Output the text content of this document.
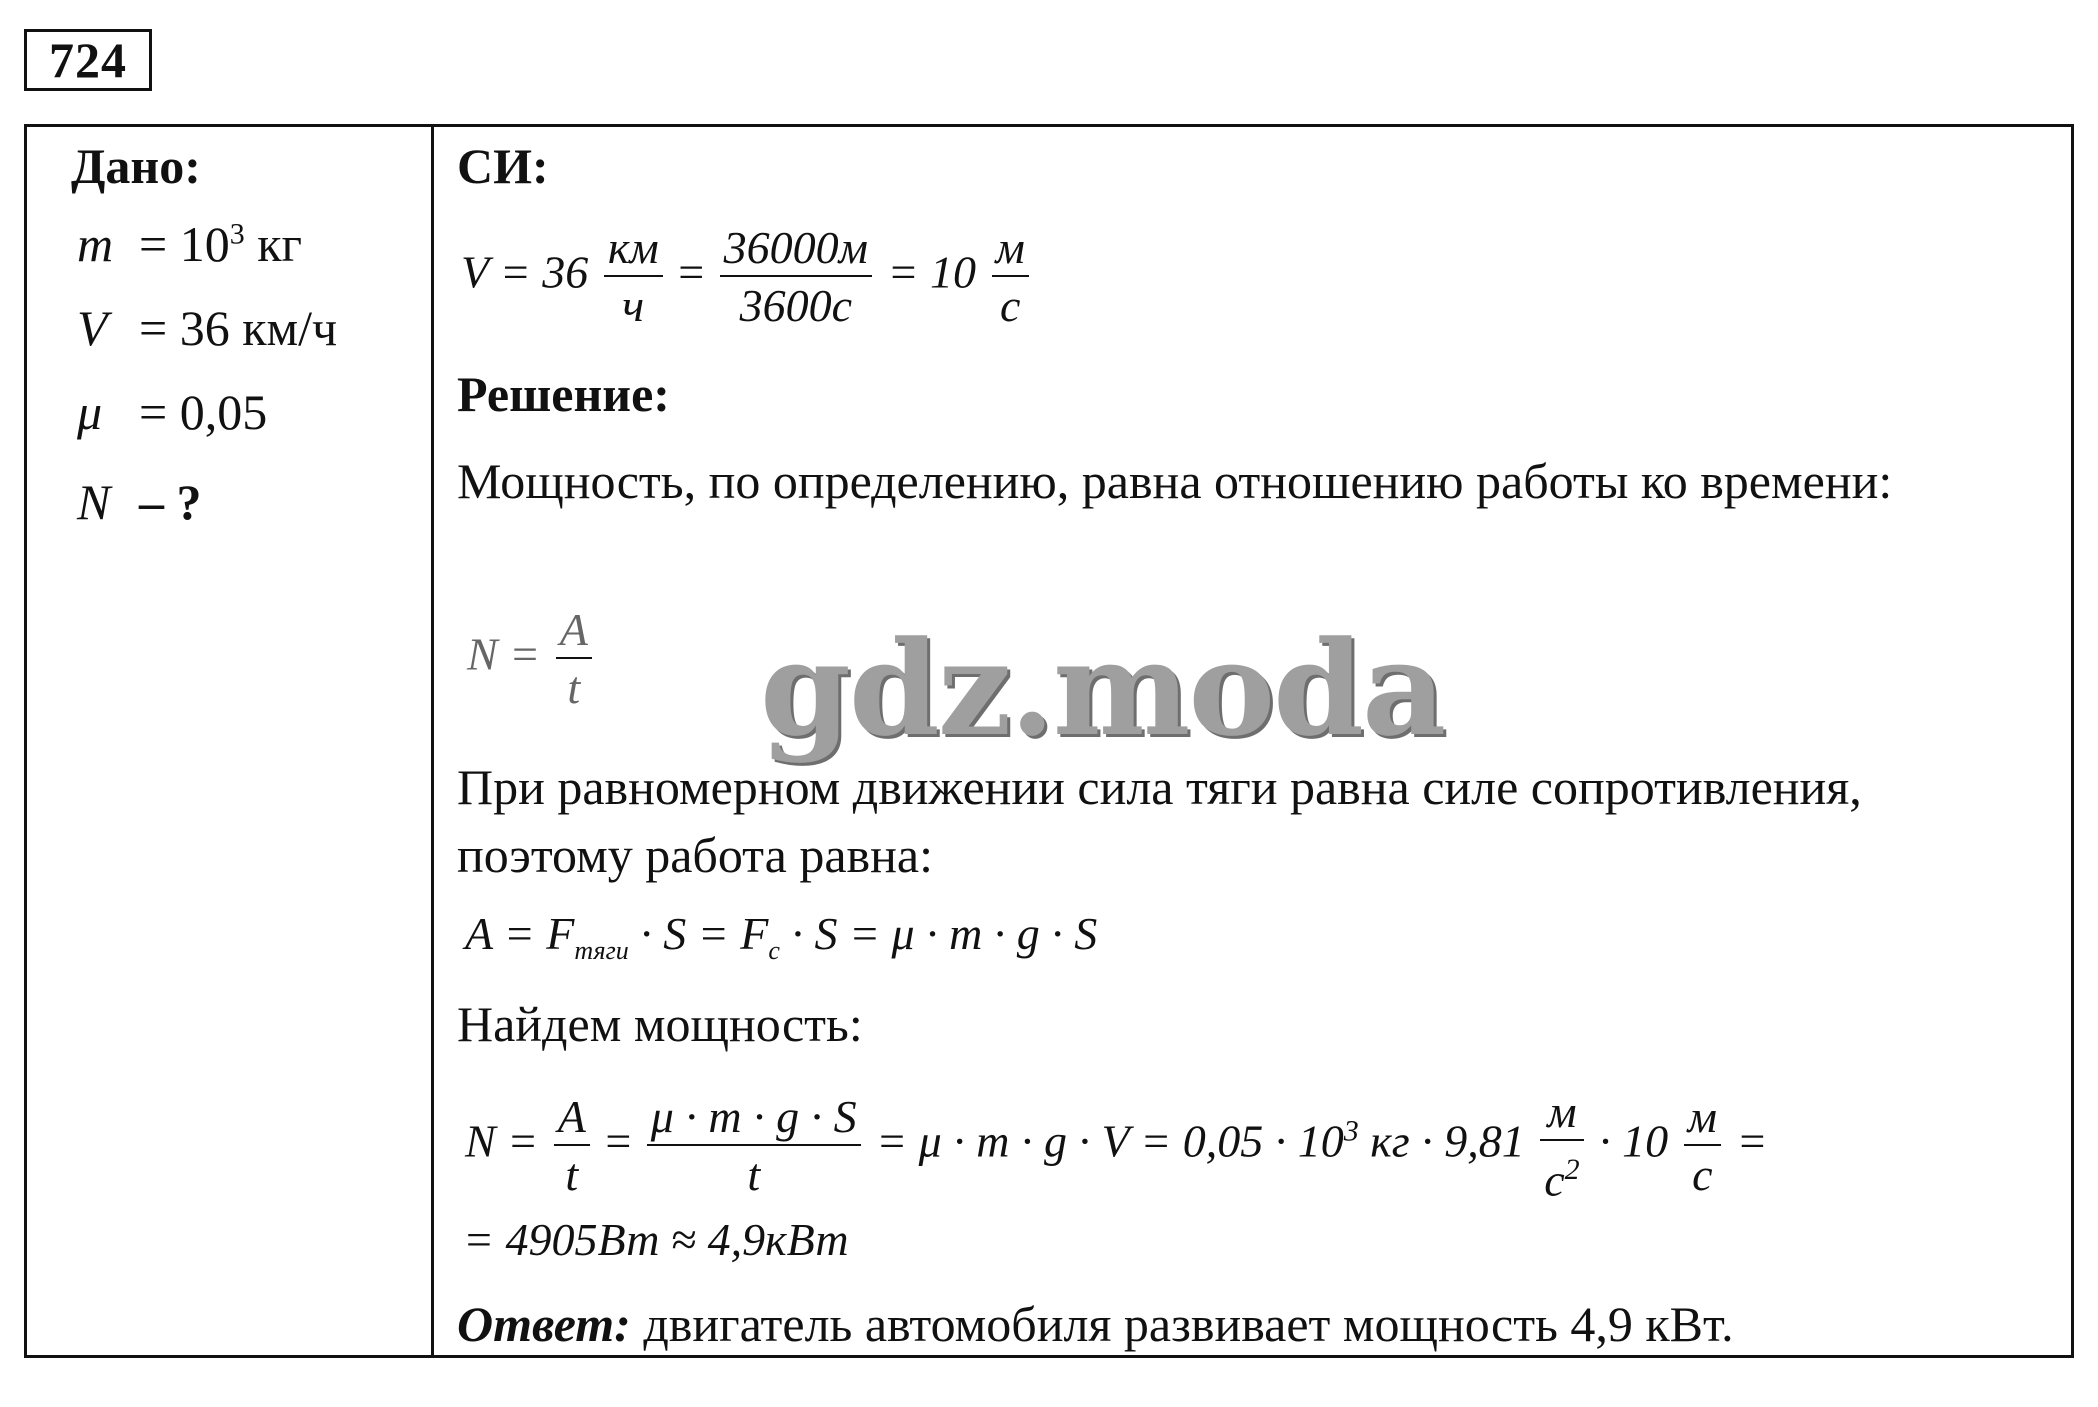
724
Дано:
$m = 10^3$ кг
V = 36 км/ч
μ = 0,05
N – ?
СИ:
$V = 36 \frac{км}{ч} = \frac{36000м}{3600с} = 10 \frac{м}{с}$
Решение:
Мощность, по определению, равна отношению работы ко времени:
$N = \frac{A}{t}$
При равномерном движении сила тяги равна силе сопротивления, поэтому работа равна:
$A = F_{тяги} \cdot S = F_с \cdot S = \mu \cdot m \cdot g \cdot S$
Найдем мощность:
$N = \frac{A}{t} = \frac{\mu \cdot m \cdot g \cdot S}{t} = \mu \cdot m \cdot g \cdot V = 0,05 \cdot 10^3$ кг · $9,81 \frac{м}{с^2} \cdot 10 \frac{м}{с}$ =
= 4905Вт ≈ 4,9кВт
Ответ: двигатель автомобиля развивает мощность 4,9 кВт.
gdz.moda
